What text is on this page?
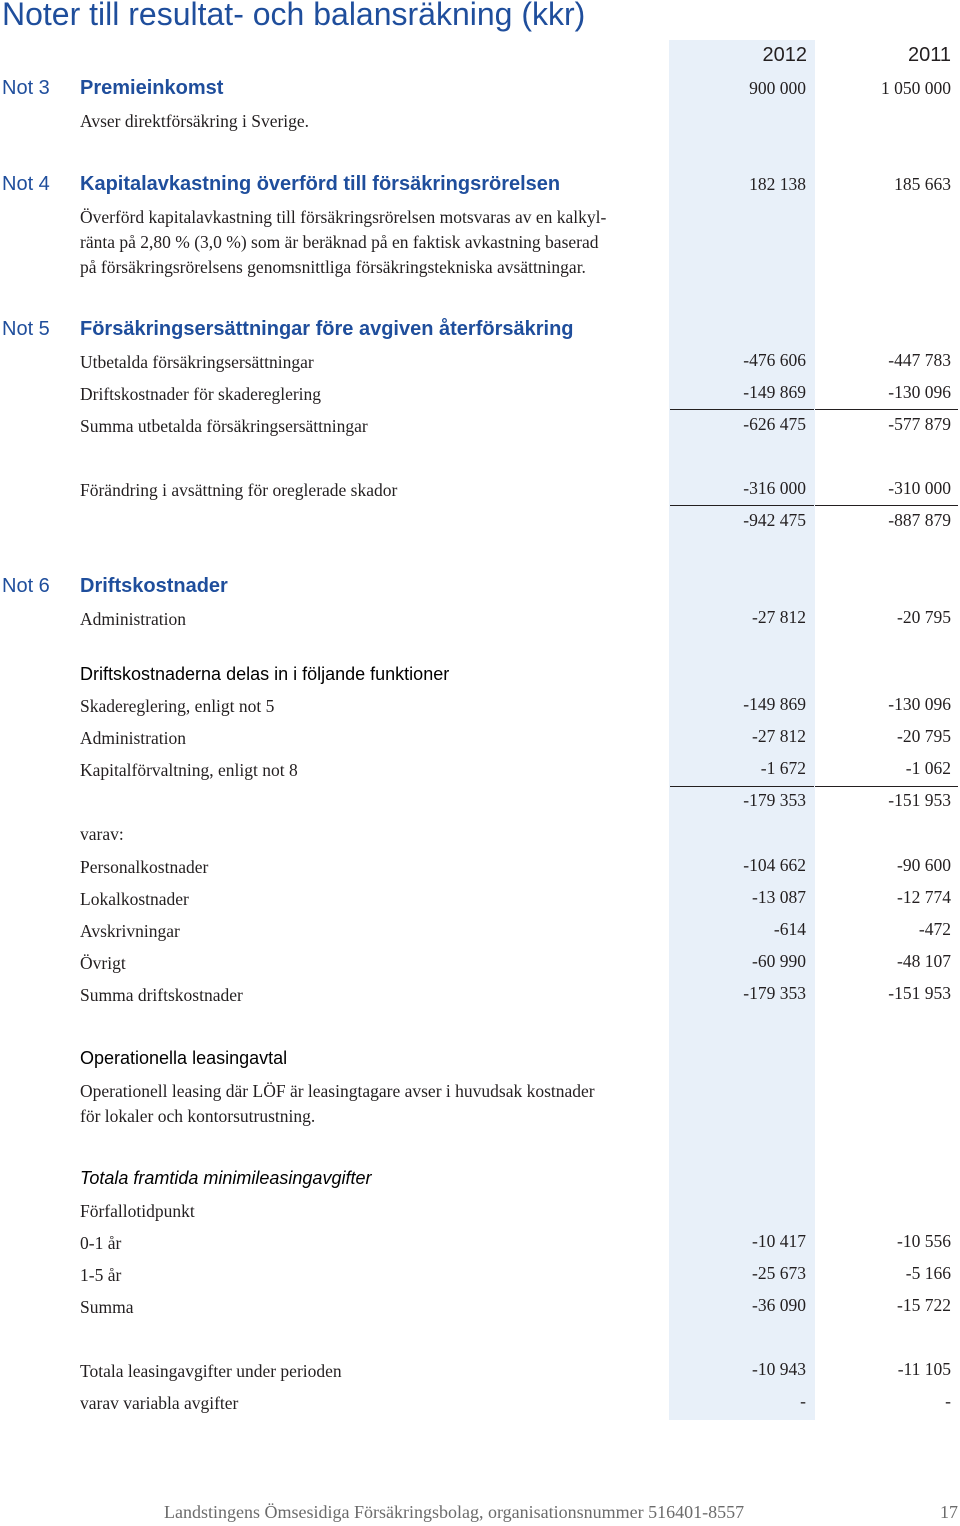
Noter till resultat- och balansräkning (kkr)
2012	2011
Not 3 Premieinkomst	900 000	1 050 000
Avser direktförsäkring i Sverige.
Not 4 Kapitalavkastning överförd till försäkringsrörelsen	182 138	185 663
Överförd kapitalavkastning till försäkringsrörelsen motsvaras av en kalkyl-
ränta på 2,80 % (3,0 %) som är beräknad på en faktisk avkastning baserad
på försäkringsrörelsens genomsnittliga försäkringstekniska avsättningar.
Not 5 Försäkringsersättningar före avgiven återförsäkring
Utbetalda försäkringsersättningar	-476 606	-447 783
Driftskostnader för skadereglering	-149 869	-130 096
Summa utbetalda försäkringsersättningar	-626 475	-577 879
Förändring i avsättning för oreglerade skador	-316 000	-310 000
-942 475	-887 879
Not 6 Driftskostnader
Administration	-27 812	-20 795
Driftskostnaderna delas in i följande funktioner
Skadereglering, enligt not 5	-149 869	-130 096
Administration	-27 812	-20 795
Kapitalförvaltning, enligt not 8	-1 672	-1 062
-179 353	-151 953
varav:
Personalkostnader	-104 662	-90 600
Lokalkostnader	-13 087	-12 774
Avskrivningar	-614	-472
Övrigt	-60 990	-48 107
Summa driftskostnader	-179 353	-151 953
Operationella leasingavtal
Operationell leasing där LÖF är leasingtagare avser i huvudsak kostnader
för lokaler och kontorsutrustning.
Totala framtida minimileasingavgifter
Förfallotidpunkt
0-1 år	-10 417	-10 556
1-5 år	-25 673	-5 166
Summa	-36 090	-15 722
Totala leasingavgifter under perioden	-10 943	-11 105
varav variabla avgifter	-	-
Landstingens Ömsesidiga Försäkringsbolag, organisationsnummer 516401-8557	17
